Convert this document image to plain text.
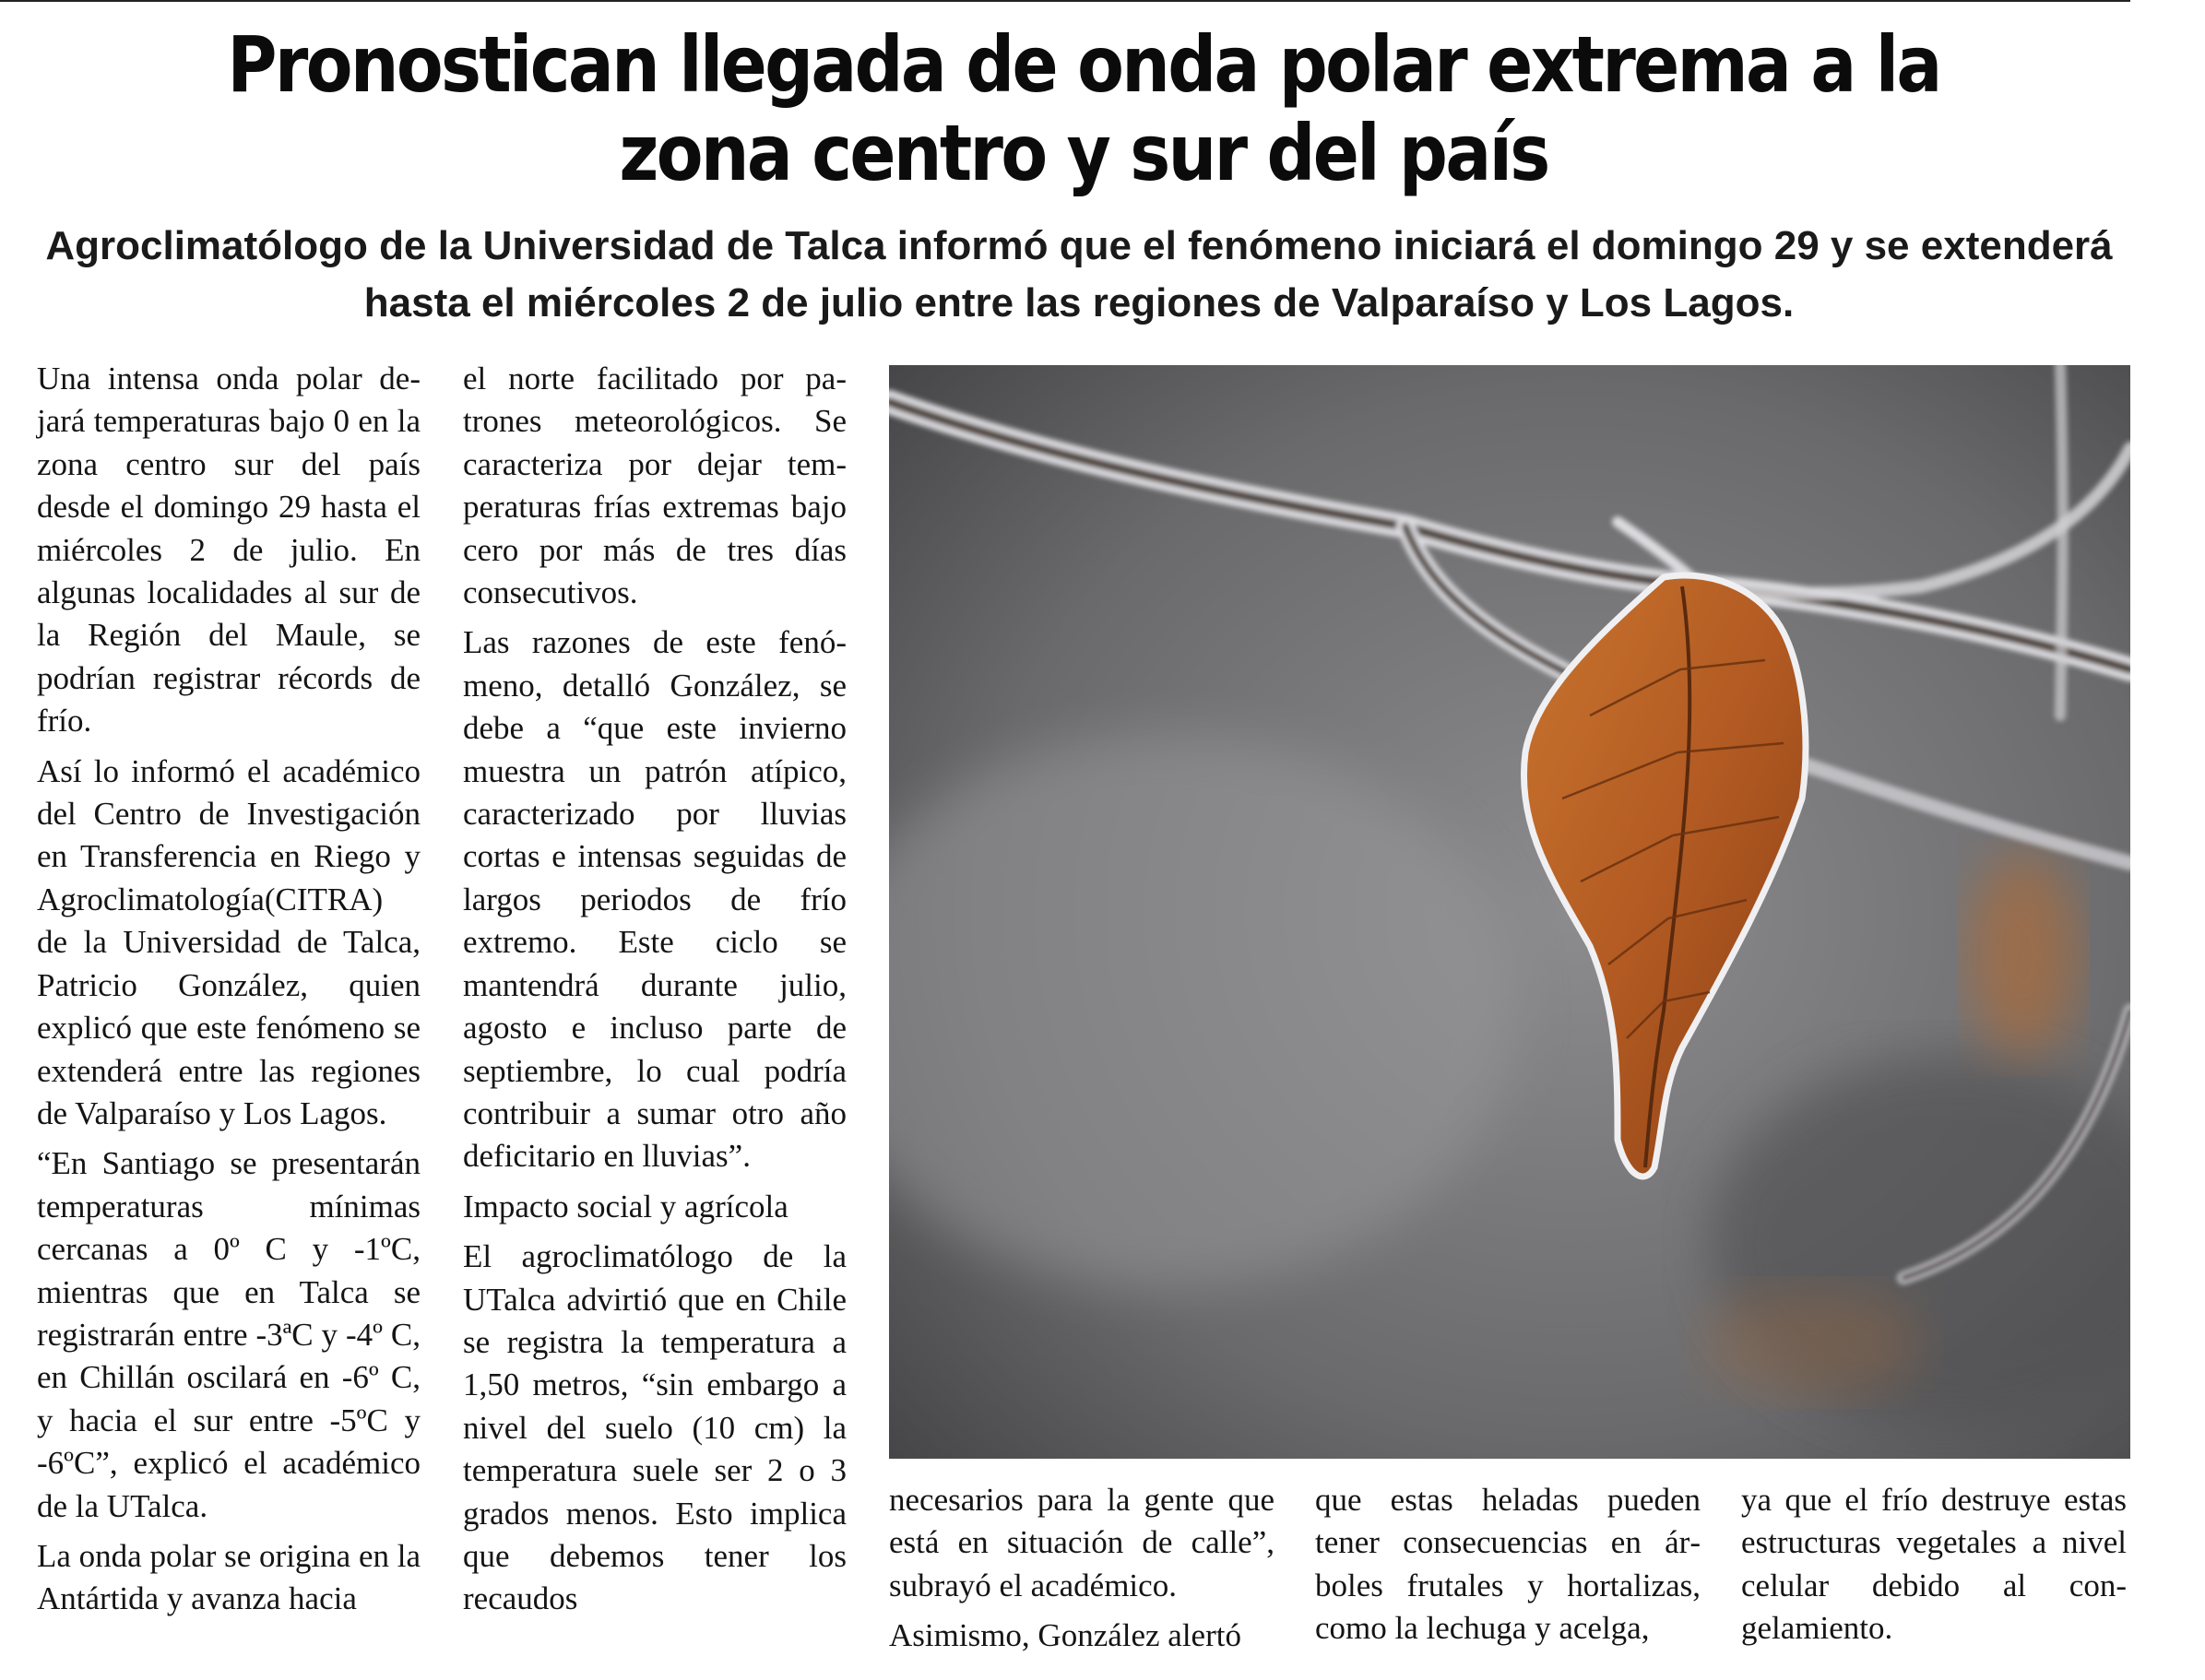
Pronostican llegada de onda polar extrema a la zona centro y sur del país
Agroclimatólogo de la Universidad de Talca informó que el fenómeno iniciará el domingo 29 y se extenderá hasta el miércoles 2 de julio entre las regiones de Valparaíso y Los Lagos.

Una intensa onda polar dejará temperaturas bajo 0 en la zona centro sur del país desde el domingo 29 hasta el miércoles 2 de julio. En algunas localidades al sur de la Región del Maule, se podrían registrar récords de frío.

Así lo informó el académico del Centro de Investigación en Transferencia en Riego y Agroclimatología(CITRA) de la Universidad de Talca, Patricio González, quien explicó que este fenómeno se extenderá entre las regiones de Valparaíso y Los Lagos.

“En Santiago se presentarán temperaturas mínimas cercanas a 0º C y -1ºC, mientras que en Talca se registrarán entre -3ªC y -4º C, en Chillán oscilará en -6º C, y hacia el sur entre -5ºC y -6ºC”, explicó el académico de la UTalca.

La onda polar se origina en la Antártida y avanza hacia

el norte facilitado por patrones meteorológicos. Se caracteriza por dejar temperaturas frías extremas bajo cero por más de tres días consecutivos.

Las razones de este fenómeno, detalló González, se debe a “que este invierno muestra un patrón atípico, caracterizado por lluvias cortas e intensas seguidas de largos periodos de frío extremo. Este ciclo se mantendrá durante julio, agosto e incluso parte de septiembre, lo cual podría contribuir a sumar otro año deficitario en lluvias”.

Impacto social y agrícola

El agroclimatólogo de la UTalca advirtió que en Chile se registra la temperatura a 1,50 metros, “sin embargo a nivel del suelo (10 cm) la temperatura suele ser 2 o 3 grados menos. Esto implica que debemos tener los recaudos

necesarios para la gente que está en situación de calle”, subrayó el académico.

Asimismo, González alertó

que estas heladas pueden tener consecuencias en árboles frutales y hortalizas, como la lechuga y acelga,

ya que el frío destruye estas estructuras vegetales a nivel celular debido al congelamiento.
